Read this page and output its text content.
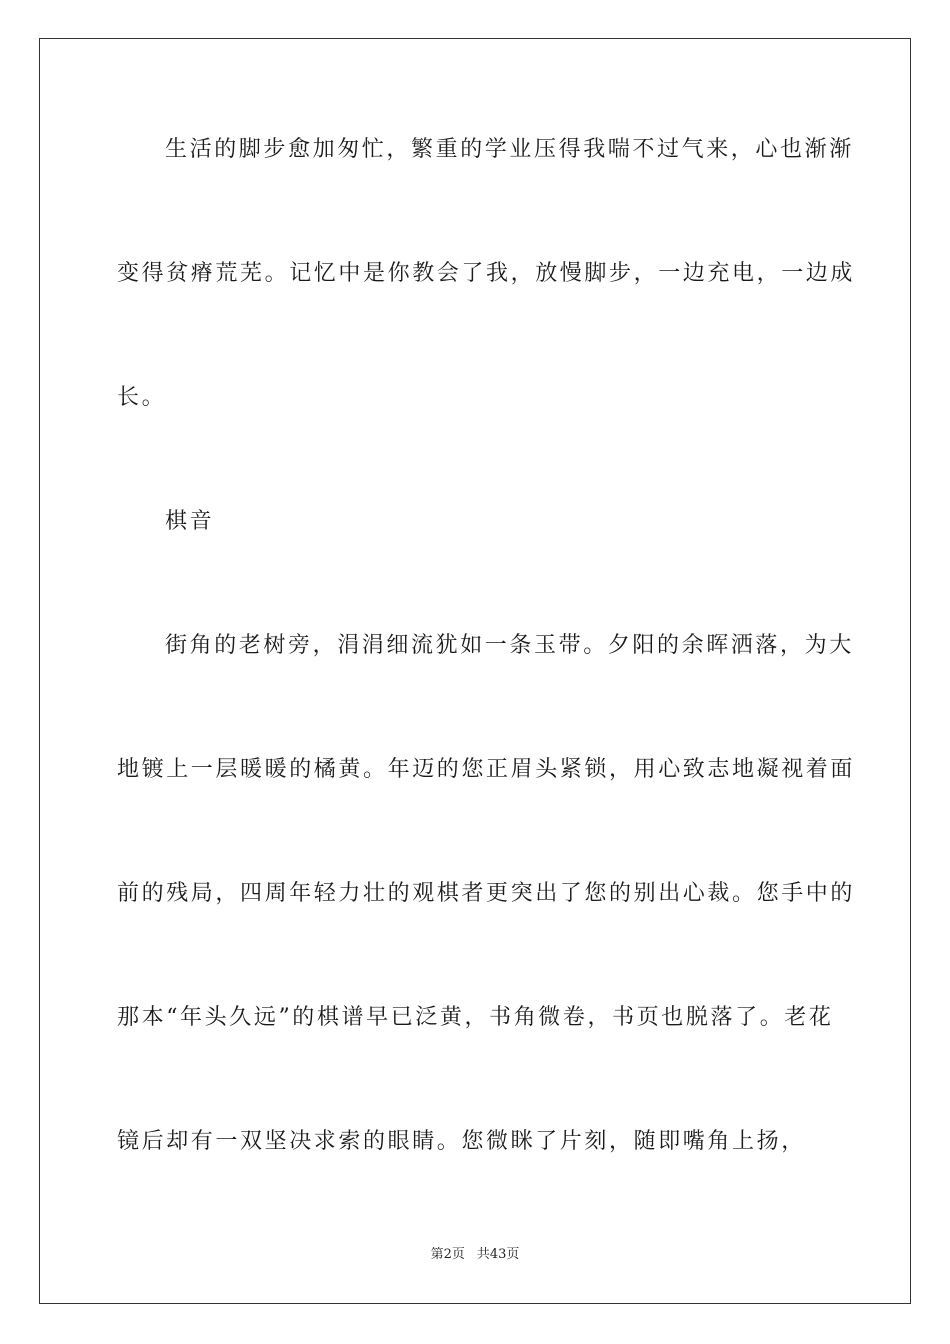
生活的脚步愈加匆忙，繁重的学业压得我喘不过气来，心也渐渐
变得贫瘠荒芜。记忆中是你教会了我，放慢脚步，一边充电，一边成
长。
棋音
街角的老树旁，涓涓细流犹如一条玉带。夕阳的余晖洒落，为大
地镀上一层暖暖的橘黄。年迈的您正眉头紧锁，用心致志地凝视着面
前的残局，四周年轻力壮的观棋者更突出了您的别出心裁。您手中的
那本“年头久远”的棋谱早已泛黄，书角微卷，书页也脱落了。老花
镜后却有一双坚决求索的眼睛。您微眯了片刻，随即嘴角上扬，
第2页 共43页
